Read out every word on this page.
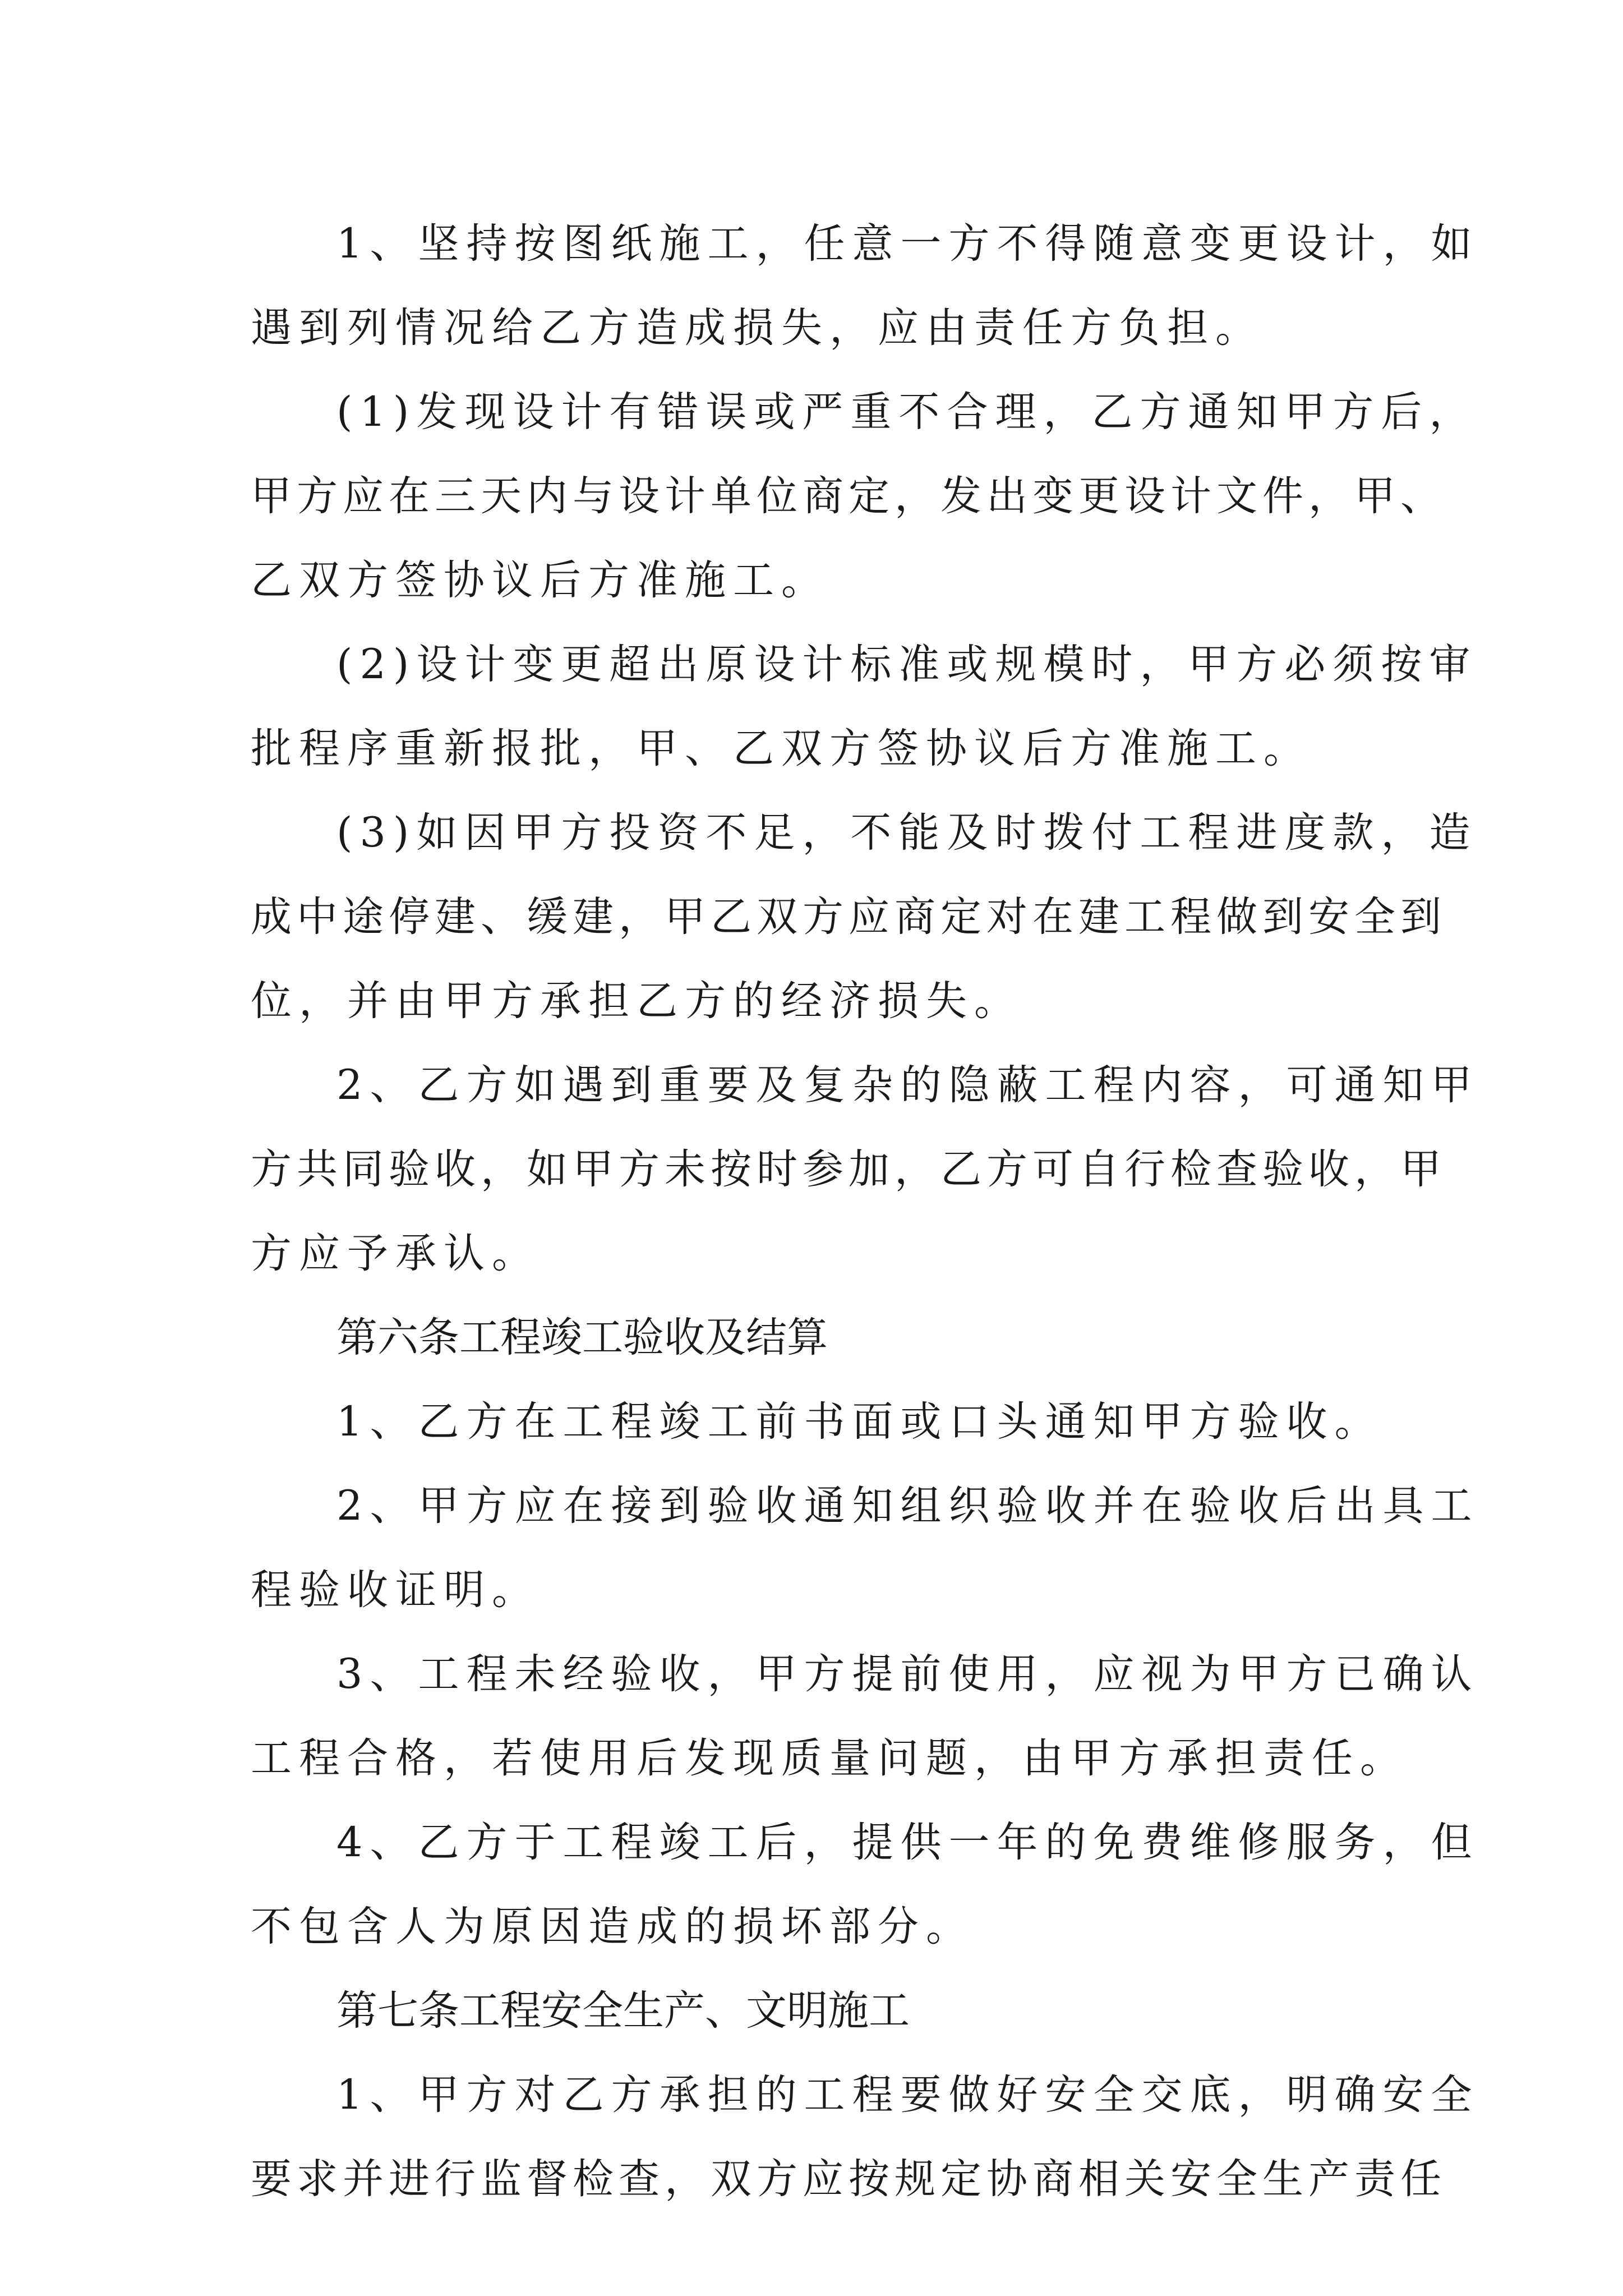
1、坚持按图纸施工，任意一方不得随意变更设计，如
遇到列情况给乙方造成损失，应由责任方负担。
(1)发现设计有错误或严重不合理，乙方通知甲方后，
甲方应在三天内与设计单位商定，发出变更设计文件，甲、
乙双方签协议后方准施工。
(2)设计变更超出原设计标准或规模时，甲方必须按审
批程序重新报批，甲、乙双方签协议后方准施工。
(3)如因甲方投资不足，不能及时拨付工程进度款，造
成中途停建、缓建，甲乙双方应商定对在建工程做到安全到
位，并由甲方承担乙方的经济损失。
2、乙方如遇到重要及复杂的隐蔽工程内容，可通知甲
方共同验收，如甲方未按时参加，乙方可自行检查验收，甲
方应予承认。
第六条工程竣工验收及结算
1、乙方在工程竣工前书面或口头通知甲方验收。
2、甲方应在接到验收通知组织验收并在验收后出具工
程验收证明。
3、工程未经验收，甲方提前使用，应视为甲方已确认
工程合格，若使用后发现质量问题，由甲方承担责任。
4、乙方于工程竣工后，提供一年的免费维修服务，但
不包含人为原因造成的损坏部分。
第七条工程安全生产、文明施工
1、甲方对乙方承担的工程要做好安全交底，明确安全
要求并进行监督检查，双方应按规定协商相关安全生产责任
